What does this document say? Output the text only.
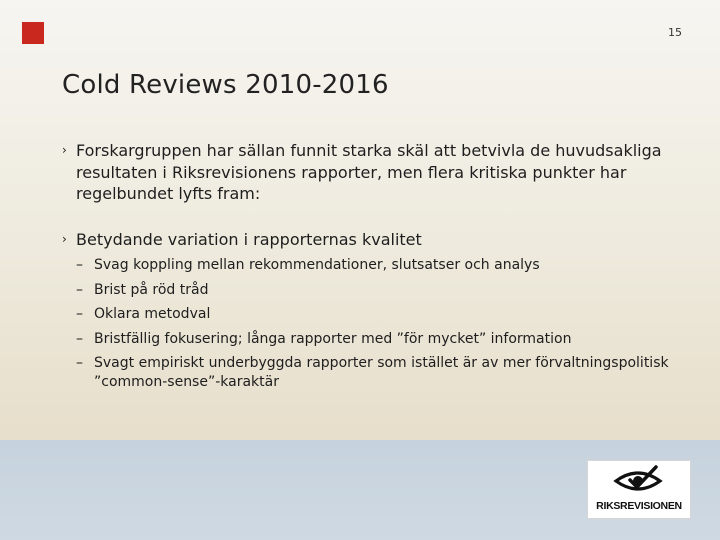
15
Cold Reviews 2010-2016
› Forskargruppen har sällan funnit starka skäl att betvivla de huvudsakliga resultaten i Riksrevisionens rapporter, men flera kritiska punkter har regelbundet lyfts fram:
› Betydande variation i rapporternas kvalitet
– Svag koppling mellan rekommendationer, slutsatser och analys
– Brist på röd tråd
– Oklara metodval
– Bristfällig fokusering; långa rapporter med ”för mycket” information
– Svagt empiriskt underbyggda rapporter som istället är av mer förvaltningspolitisk ”common-sense”-karaktär
RIKSREVISIONEN
